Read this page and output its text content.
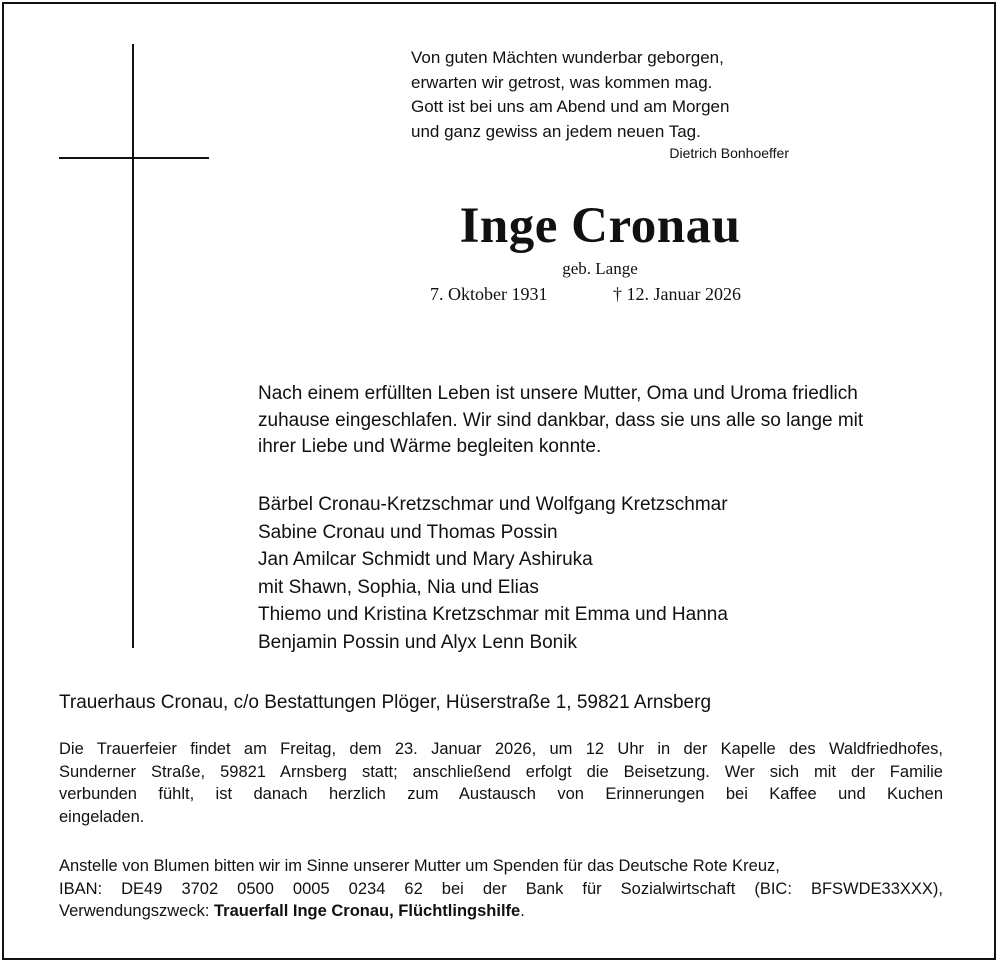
Von guten Mächten wunderbar geborgen,
erwarten wir getrost, was kommen mag.
Gott ist bei uns am Abend und am Morgen
und ganz gewiss an jedem neuen Tag.
Dietrich Bonhoeffer
Inge Cronau
geb. Lange
7. Oktober 1931	† 12. Januar 2026
Nach einem erfüllten Leben ist unsere Mutter, Oma und Uroma friedlich
zuhause eingeschlafen. Wir sind dankbar, dass sie uns alle so lange mit
ihrer Liebe und Wärme begleiten konnte.
Bärbel Cronau-Kretzschmar und Wolfgang Kretzschmar
Sabine Cronau und Thomas Possin
Jan Amilcar Schmidt und Mary Ashiruka
mit Shawn, Sophia, Nia und Elias
Thiemo und Kristina Kretzschmar mit Emma und Hanna
Benjamin Possin und Alyx Lenn Bonik
Trauerhaus Cronau, c/o Bestattungen Plöger, Hüserstraße 1, 59821 Arnsberg
Die Trauerfeier findet am Freitag, dem 23. Januar 2026, um 12 Uhr in der Kapelle des Waldfriedhofes,
Sunderner Straße, 59821 Arnsberg statt; anschließend erfolgt die Beisetzung. Wer sich mit der Familie
verbunden fühlt, ist danach herzlich zum Austausch von Erinnerungen bei Kaffee und Kuchen
eingeladen.
Anstelle von Blumen bitten wir im Sinne unserer Mutter um Spenden für das Deutsche Rote Kreuz,
IBAN: DE49 3702 0500 0005 0234 62 bei der Bank für Sozialwirtschaft (BIC: BFSWDE33XXX),
Verwendungszweck: Trauerfall Inge Cronau, Flüchtlingshilfe.
